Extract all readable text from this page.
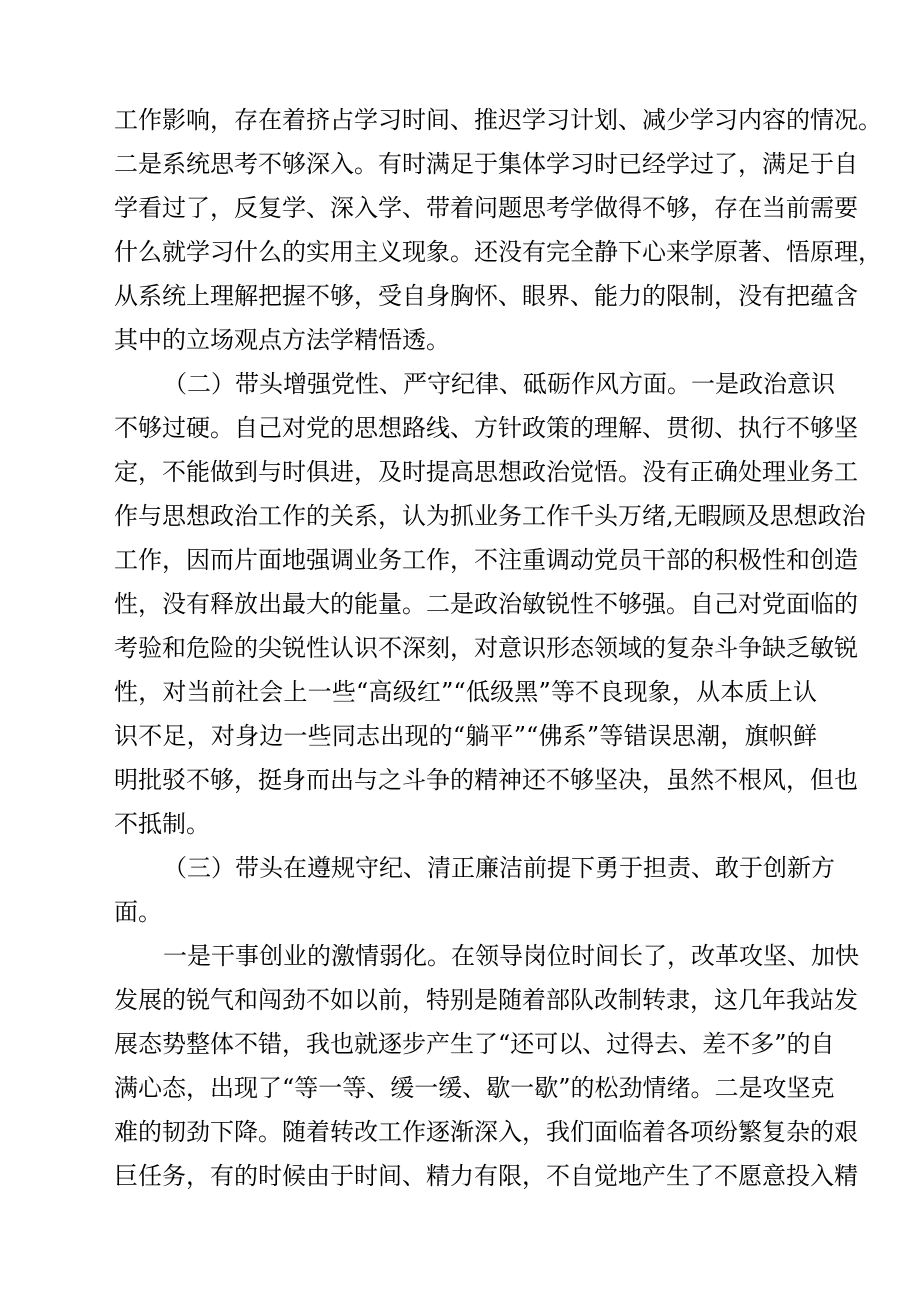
工作影响，存在着挤占学习时间、推迟学习计划、减少学习内容的情况。
二是系统思考不够深入。有时满足于集体学习时已经学过了，满足于自
学看过了，反复学、深入学、带着问题思考学做得不够，存在当前需要
什么就学习什么的实用主义现象。还没有完全静下心来学原著、悟原理，
从系统上理解把握不够，受自身胸怀、眼界、能力的限制，没有把蕴含
其中的立场观点方法学精悟透。
（二）带头增强党性、严守纪律、砥砺作风方面。一是政治意识
不够过硬。自己对党的思想路线、方针政策的理解、贯彻、执行不够坚
定，不能做到与时俱进，及时提高思想政治觉悟。没有正确处理业务工
作与思想政治工作的关系，认为抓业务工作千头万绪,无暇顾及思想政治
工作，因而片面地强调业务工作，不注重调动党员干部的积极性和创造
性，没有释放出最大的能量。二是政治敏锐性不够强。自己对党面临的
考验和危险的尖锐性认识不深刻，对意识形态领域的复杂斗争缺乏敏锐
性，对当前社会上一些“高级红”“低级黑”等不良现象，从本质上认
识不足，对身边一些同志出现的“躺平”“佛系”等错误思潮，旗帜鲜
明批驳不够，挺身而出与之斗争的精神还不够坚决，虽然不根风，但也
不抵制。
（三）带头在遵规守纪、清正廉洁前提下勇于担责、敢于创新方
面。
一是干事创业的激情弱化。在领导岗位时间长了，改革攻坚、加快
发展的锐气和闯劲不如以前，特别是随着部队改制转隶，这几年我站发
展态势整体不错，我也就逐步产生了“还可以、过得去、差不多”的自
满心态，出现了“等一等、缓一缓、歇一歇”的松劲情绪。二是攻坚克
难的韧劲下降。随着转改工作逐渐深入，我们面临着各项纷繁复杂的艰
巨任务，有的时候由于时间、精力有限，不自觉地产生了不愿意投入精
